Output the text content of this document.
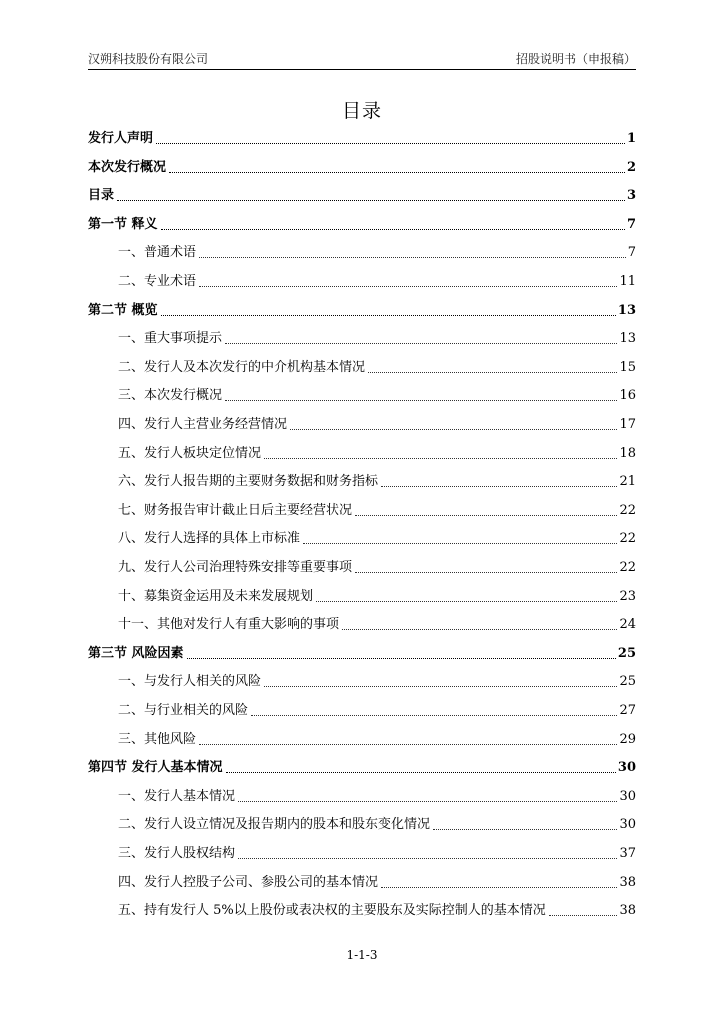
汉朔科技股份有限公司	招股说明书（申报稿）
目录
发行人声明	1
本次发行概况	2
目录	3
第一节 释义	7
一、普通术语	7
二、专业术语	11
第二节 概览	13
一、重大事项提示	13
二、发行人及本次发行的中介机构基本情况	15
三、本次发行概况	16
四、发行人主营业务经营情况	17
五、发行人板块定位情况	18
六、发行人报告期的主要财务数据和财务指标	21
七、财务报告审计截止日后主要经营状况	22
八、发行人选择的具体上市标准	22
九、发行人公司治理特殊安排等重要事项	22
十、募集资金运用及未来发展规划	23
十一、其他对发行人有重大影响的事项	24
第三节 风险因素	25
一、与发行人相关的风险	25
二、与行业相关的风险	27
三、其他风险	29
第四节 发行人基本情况	30
一、发行人基本情况	30
二、发行人设立情况及报告期内的股本和股东变化情况	30
三、发行人股权结构	37
四、发行人控股子公司、参股公司的基本情况	38
五、持有发行人 5%以上股份或表决权的主要股东及实际控制人的基本情况	38
1-1-3
